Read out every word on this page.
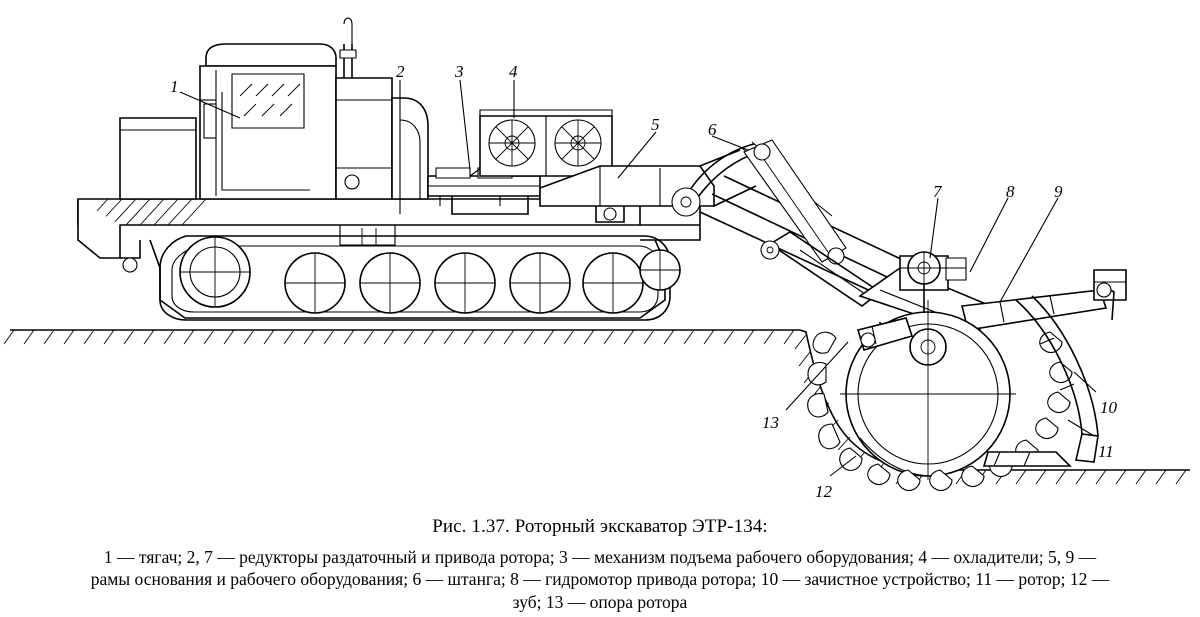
1
2	3	4
5	6
7	8 9
10
11
12
13
Рис. 1.37. Роторный экскаватор ЭТР-134:
1 — тягач; 2, 7 — редукторы раздаточный и привода ротора; 3 — механизм подъема рабочего оборудования; 4 — охладители; 5, 9 —
рамы основания и рабочего оборудования; 6 — штанга; 8 — гидромотор привода ротора; 10 — зачистное устройство; 11 — ротор; 12 —
зуб; 13 — опора ротора
